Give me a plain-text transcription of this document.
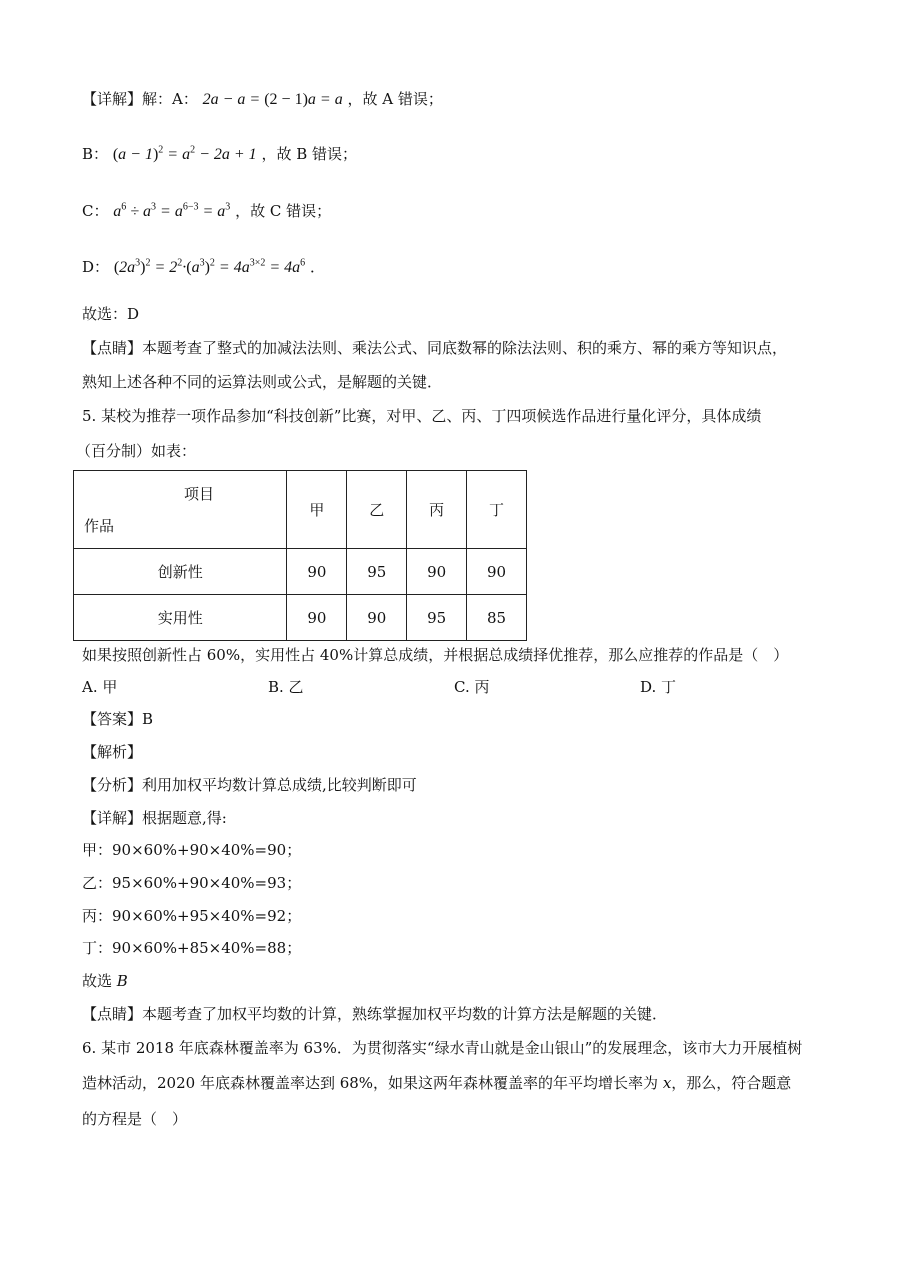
【详解】解：A： 2a − a = (2 − 1)a = a ，故 A 错误；
B： $(a - 1)^2 = a^2 - 2a + 1$ ，故 B 错误；
C： $a^6 \div a^3 = a^{6-3} = a^3$ ，故 C 错误；
D： $(2a^3)^2 = 2^2\cdot(a^3)^2 = 4a^{3\times 2} = 4a^6$ ．
故选：D
【点睛】本题考查了整式的加减法法则、乘法公式、同底数幂的除法法则、积的乘方、幂的乘方等知识点，
熟知上述各种不同的运算法则或公式，是解题的关键．
5. 某校为推荐一项作品参加“科技创新”比赛，对甲、乙、丙、丁四项候选作品进行量化评分，具体成绩
（百分制）如表：
项目
作品	甲	乙	丙	丁
创新性	90	95	90	90
实用性	90	90	95	85
如果按照创新性占 60%，实用性占 40%计算总成绩，并根据总成绩择优推荐，那么应推荐的作品是（　）
A. 甲	B. 乙	C. 丙	D. 丁
【答案】B
【解析】
【分析】利用加权平均数计算总成绩,比较判断即可
【详解】根据题意,得:
甲：90×60%+90×40%=90；
乙：95×60%+90×40%=93；
丙：90×60%+95×40%=92；
丁：90×60%+85×40%=88；
故选 B
【点睛】本题考查了加权平均数的计算，熟练掌握加权平均数的计算方法是解题的关键．
6. 某市 2018 年底森林覆盖率为 63%．为贯彻落实“绿水青山就是金山银山”的发展理念，该市大力开展植树
造林活动，2020 年底森林覆盖率达到 68%，如果这两年森林覆盖率的年平均增长率为 x，那么，符合题意
的方程是（　）
